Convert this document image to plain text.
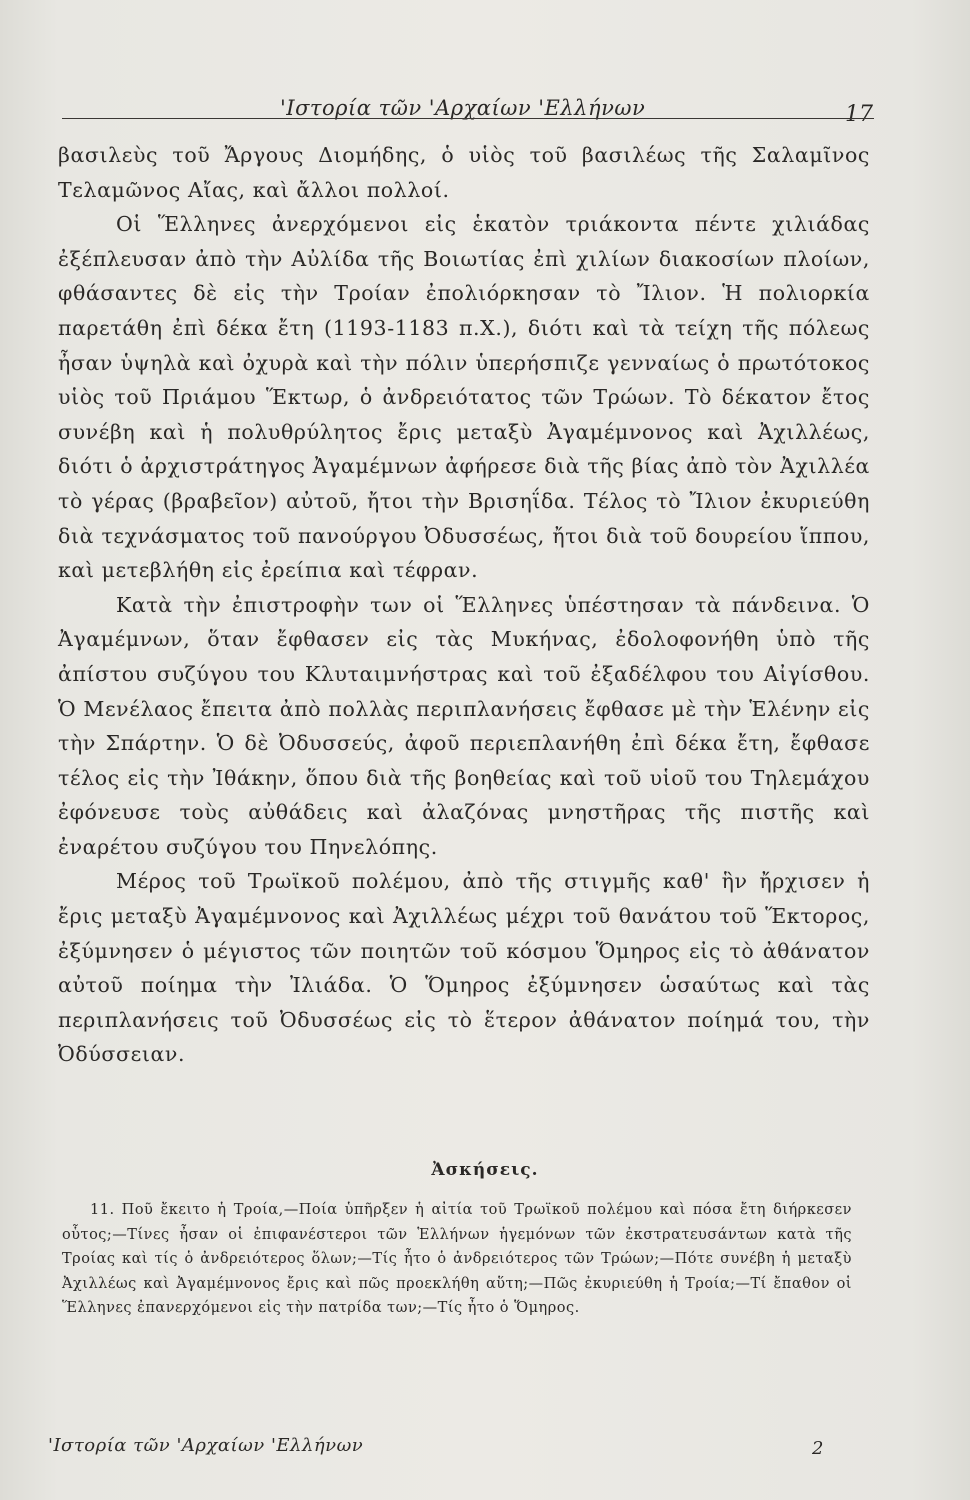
'Ιστορία τῶν 'Αρχαίων 'Ελλήνων	17

βασιλεὺς τοῦ Ἄργους Διομήδης, ὁ υἱὸς τοῦ βασιλέως τῆς Σαλαμῖνος Τελαμῶνος Αἴας, καὶ ἄλλοι πολλοί.

Οἱ Ἕλληνες ἀνερχόμενοι εἰς ἑκατὸν τριάκοντα πέντε χιλιάδας ἐξέπλευσαν ἀπὸ τὴν Αὐλίδα τῆς Βοιωτίας ἐπὶ χιλίων διακοσίων πλοίων, φθάσαντες δὲ εἰς τὴν Τροίαν ἐπολιόρκησαν τὸ Ἴλιον. Ἡ πολιορκία παρετάθη ἐπὶ δέκα ἔτη (1193-1183 π.Χ.), διότι καὶ τὰ τείχη τῆς πόλεως ἦσαν ὑψηλὰ καὶ ὀχυρὰ καὶ τὴν πόλιν ὑπερήσπιζε γενναίως ὁ πρωτότοκος υἱὸς τοῦ Πριάμου Ἕκτωρ, ὁ ἀνδρειότατος τῶν Τρώων. Τὸ δέκατον ἔτος συνέβη καὶ ἡ πολυθρύλητος ἔρις μεταξὺ Ἀγαμέμνονος καὶ Ἀχιλλέως, διότι ὁ ἀρχιστράτηγος Ἀγαμέμνων ἀφήρεσε διὰ τῆς βίας ἀπὸ τὸν Ἀχιλλέα τὸ γέρας (βραβεῖον) αὐτοῦ, ἤτοι τὴν Βρισηΐδα. Τέλος τὸ Ἴλιον ἐκυριεύθη διὰ τεχνάσματος τοῦ πανούργου Ὀδυσσέως, ἤτοι διὰ τοῦ δουρείου ἵππου, καὶ μετεβλήθη εἰς ἐρείπια καὶ τέφραν.

Κατὰ τὴν ἐπιστροφὴν των οἱ Ἕλληνες ὑπέστησαν τὰ πάνδεινα. Ὁ Ἀγαμέμνων, ὅταν ἔφθασεν εἰς τὰς Μυκήνας, ἐδολοφονήθη ὑπὸ τῆς ἀπίστου συζύγου του Κλυταιμνήστρας καὶ τοῦ ἐξαδέλφου του Αἰγίσθου. Ὁ Μενέλαος ἔπειτα ἀπὸ πολλὰς περιπλανήσεις ἔφθασε μὲ τὴν Ἑλένην εἰς τὴν Σπάρτην. Ὁ δὲ Ὀδυσσεύς, ἀφοῦ περιεπλανήθη ἐπὶ δέκα ἔτη, ἔφθασε τέλος εἰς τὴν Ἰθάκην, ὅπου διὰ τῆς βοηθείας καὶ τοῦ υἱοῦ του Τηλεμάχου ἐφόνευσε τοὺς αὐθάδεις καὶ ἀλαζόνας μνηστῆρας τῆς πιστῆς καὶ ἐναρέτου συζύγου του Πηνελόπης.

Μέρος τοῦ Τρωϊκοῦ πολέμου, ἀπὸ τῆς στιγμῆς καθ' ἣν ἤρχισεν ἡ ἔρις μεταξὺ Ἀγαμέμνονος καὶ Ἀχιλλέως μέχρι τοῦ θανάτου τοῦ Ἕκτορος, ἐξύμνησεν ὁ μέγιστος τῶν ποιητῶν τοῦ κόσμου Ὅμηρος εἰς τὸ ἀθάνατον αὐτοῦ ποίημα τὴν Ἰλιάδα. Ὁ Ὅμηρος ἐξύμνησεν ὡσαύτως καὶ τὰς περιπλανήσεις τοῦ Ὀδυσσέως εἰς τὸ ἕτερον ἀθάνατον ποίημά του, τὴν Ὀδύσσειαν.

Ἀσκήσεις.

11. Ποῦ ἔκειτο ἡ Τροία,—Ποία ὑπῆρξεν ἡ αἰτία τοῦ Τρωϊκοῦ πολέμου καὶ πόσα ἔτη διήρκεσεν οὗτος;—Τίνες ἦσαν οἱ ἐπιφανέστεροι τῶν Ἑλλήνων ἡγεμόνων τῶν ἐκστρατευσάντων κατὰ τῆς Τροίας καὶ τίς ὁ ἀνδρειότερος ὅλων;—Τίς ἦτο ὁ ἀνδρειότερος τῶν Τρώων;—Πότε συνέβη ἡ μεταξὺ Ἀχιλλέως καὶ Ἀγαμέμνονος ἔρις καὶ πῶς προεκλήθη αὕτη;—Πῶς ἐκυριεύθη ἡ Τροία;—Τί ἔπαθον οἱ Ἕλληνες ἐπανερχόμενοι εἰς τὴν πατρίδα των;—Τίς ἦτο ὁ Ὅμηρος.

'Ιστορία τῶν 'Αρχαίων 'Ελλήνων	2
